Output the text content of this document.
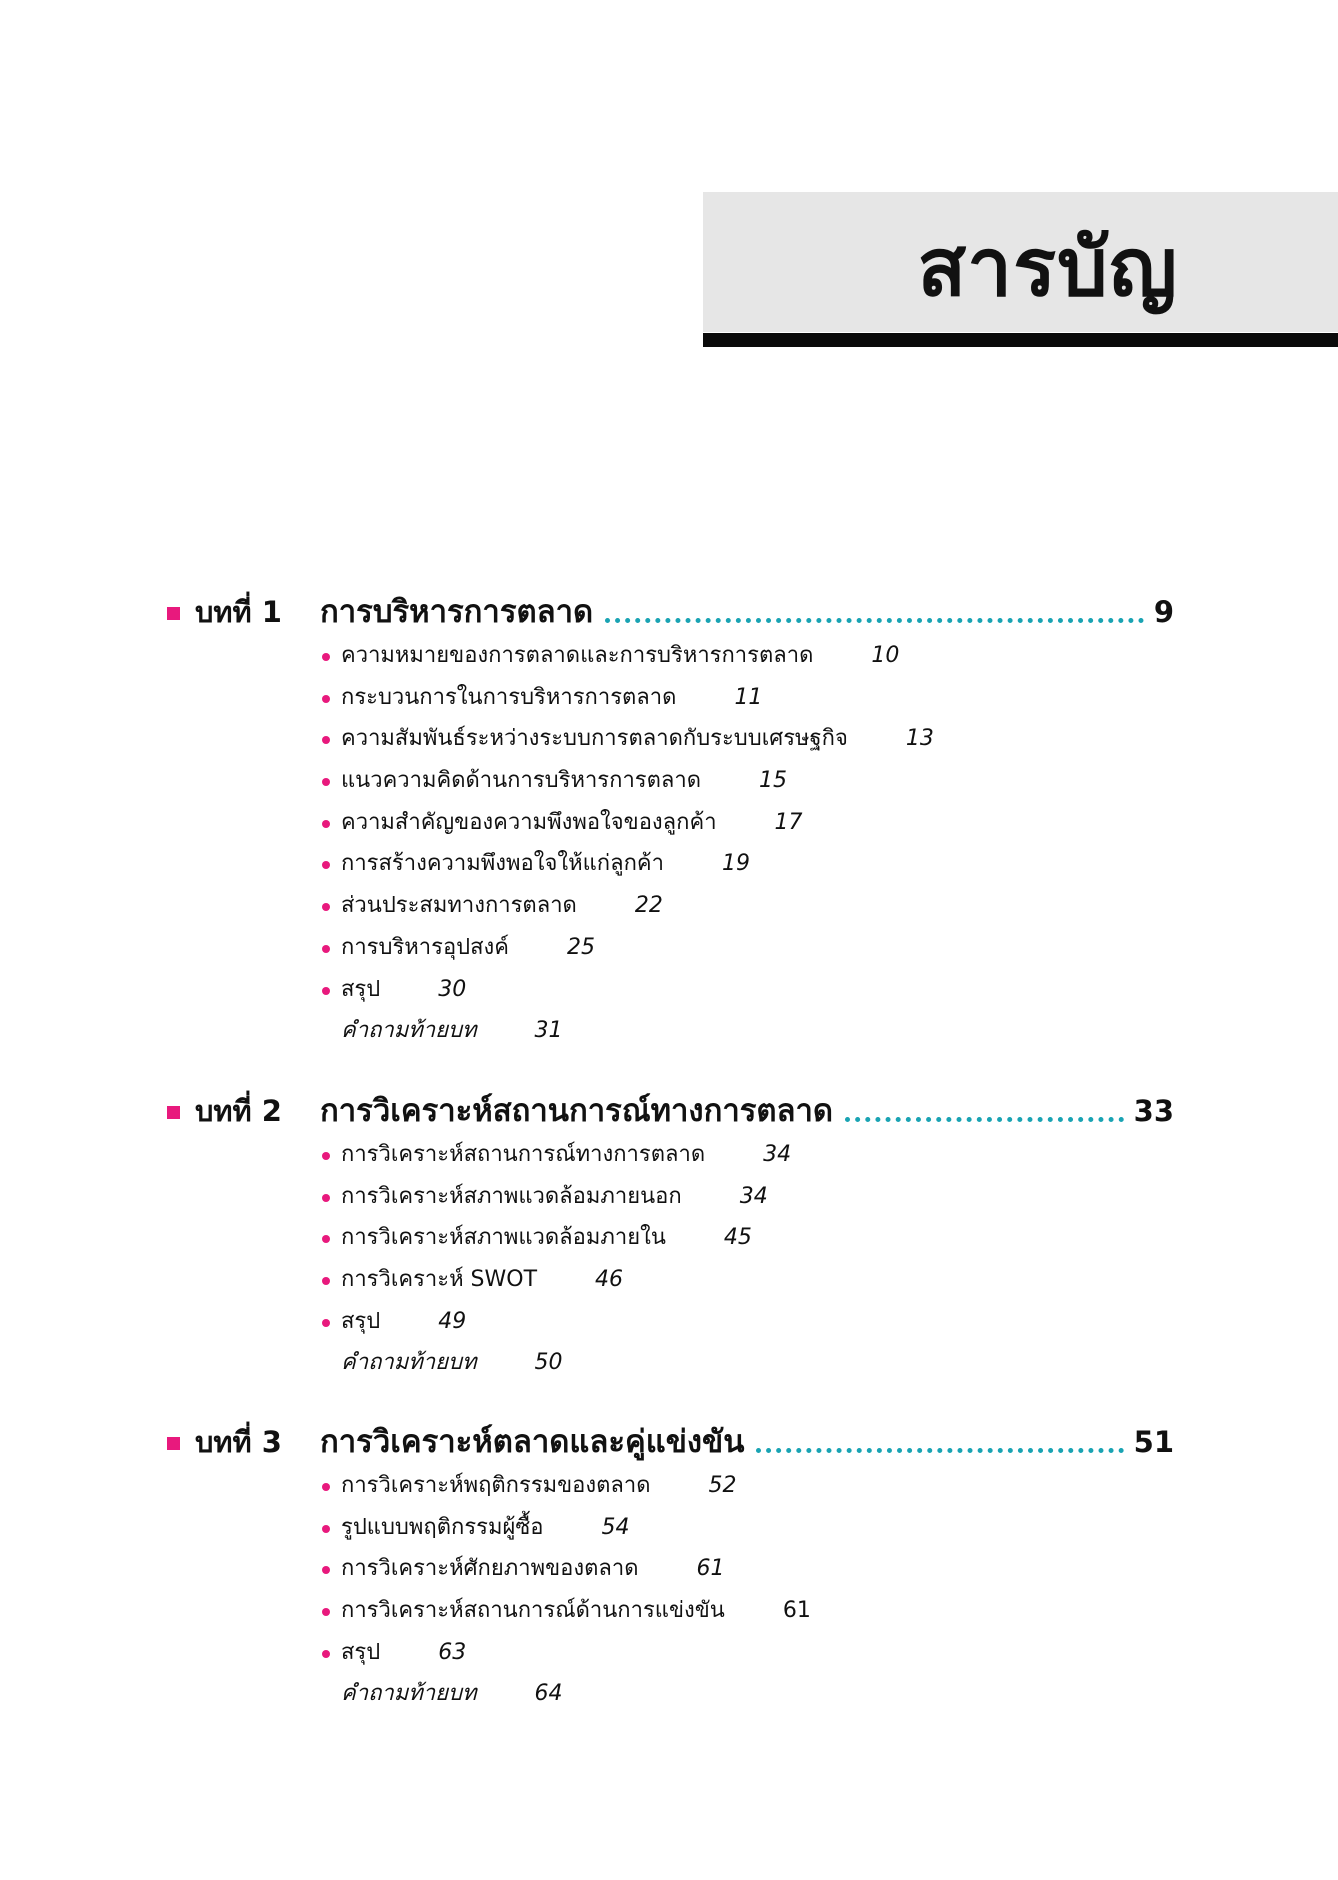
สารบัญ
บทที่ 1 การบริหารการตลาด	9
ความหมายของการตลาดและการบริหารการตลาด	10
กระบวนการในการบริหารการตลาด	11
ความสัมพันธ์ระหว่างระบบการตลาดกับระบบเศรษฐกิจ	13
แนวความคิดด้านการบริหารการตลาด	15
ความสำคัญของความพึงพอใจของลูกค้า	17
การสร้างความพึงพอใจให้แก่ลูกค้า	19
ส่วนประสมทางการตลาด	22
การบริหารอุปสงค์	25
สรุป	30
คำถามท้ายบท	31
บทที่ 2 การวิเคราะห์สถานการณ์ทางการตลาด	33
การวิเคราะห์สถานการณ์ทางการตลาด	34
การวิเคราะห์สภาพแวดล้อมภายนอก	34
การวิเคราะห์สภาพแวดล้อมภายใน	45
การวิเคราะห์ SWOT	46
สรุป	49
คำถามท้ายบท	50
บทที่ 3 การวิเคราะห์ตลาดและคู่แข่งขัน	51
การวิเคราะห์พฤติกรรมของตลาด	52
รูปแบบพฤติกรรมผู้ซื้อ	54
การวิเคราะห์ศักยภาพของตลาด	61
การวิเคราะห์สถานการณ์ด้านการแข่งขัน	61
สรุป	63
คำถามท้ายบท	64
